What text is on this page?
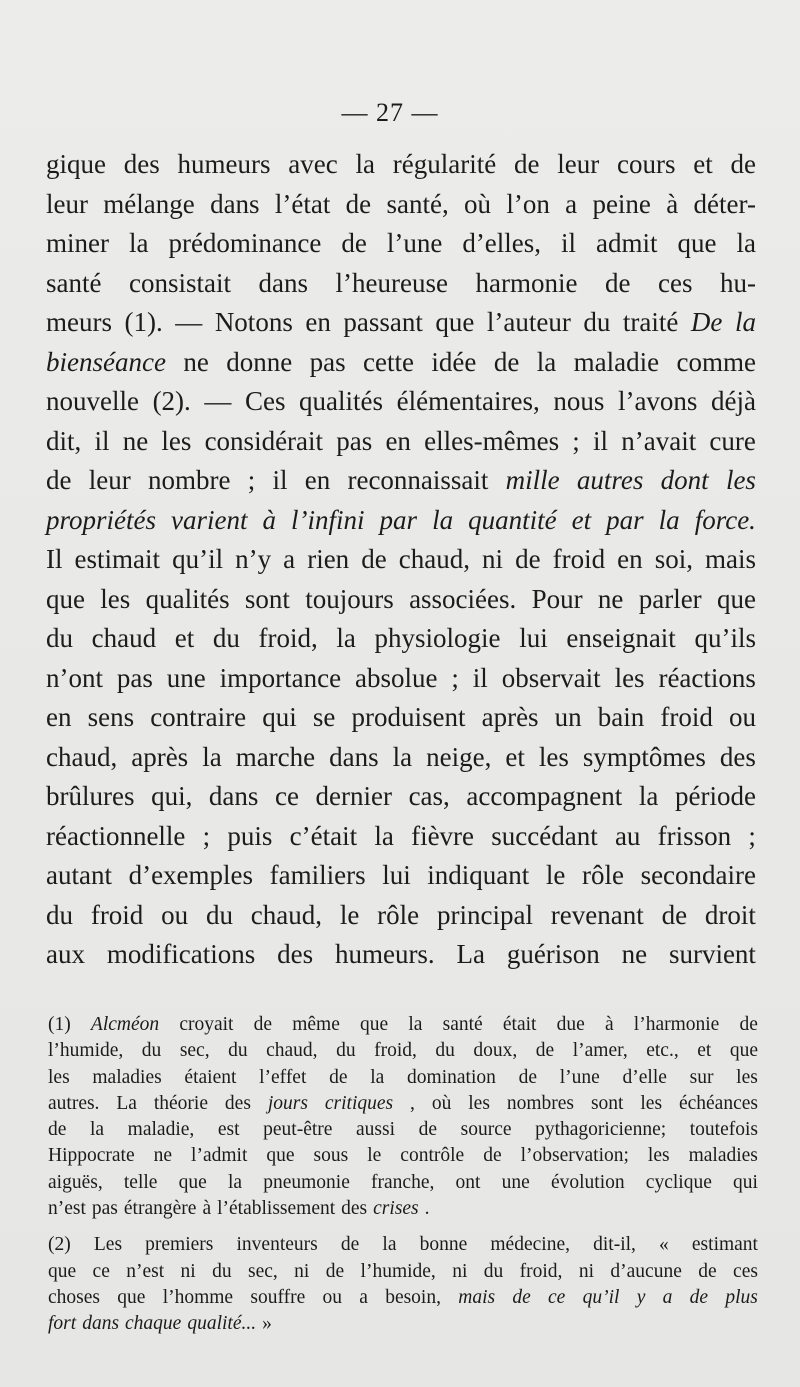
— 27 —
gique des humeurs avec la régularité de leur cours et de
leur mélange dans l’état de santé, où l’on a peine à déter-
miner la prédominance de l’une d’elles, il admit que la
santé consistait dans l’heureuse harmonie de ces hu-
meurs (1). — Notons en passant que l’auteur du traité De la
bienséance ne donne pas cette idée de la maladie comme
nouvelle (2). — Ces qualités élémentaires, nous l’avons déjà
dit, il ne les considérait pas en elles-mêmes ; il n’avait cure
de leur nombre ; il en reconnaissait mille autres dont les
propriétés varient à l’infini par la quantité et par la force.
Il estimait qu’il n’y a rien de chaud, ni de froid en soi, mais
que les qualités sont toujours associées. Pour ne parler que
du chaud et du froid, la physiologie lui enseignait qu’ils
n’ont pas une importance absolue ; il observait les réactions
en sens contraire qui se produisent après un bain froid ou
chaud, après la marche dans la neige, et les symptômes des
brûlures qui, dans ce dernier cas, accompagnent la période
réactionnelle ; puis c’était la fièvre succédant au frisson ;
autant d’exemples familiers lui indiquant le rôle secondaire
du froid ou du chaud, le rôle principal revenant de droit
aux modifications des humeurs. La guérison ne survient
(1) Alcméon croyait de même que la santé était due à l’harmonie de
l’humide, du sec, du chaud, du froid, du doux, de l’amer, etc., et que
les maladies étaient l’effet de la domination de l’une d’elle sur les
autres. La théorie des jours critiques , où les nombres sont les échéances
de la maladie, est peut-être aussi de source pythagoricienne; toutefois
Hippocrate ne l’admit que sous le contrôle de l’observation; les maladies
aiguës, telle que la pneumonie franche, ont une évolution cyclique qui
n’est pas étrangère à l’établissement des crises .
(2) Les premiers inventeurs de la bonne médecine, dit-il, « estimant
que ce n’est ni du sec, ni de l’humide, ni du froid, ni d’aucune de ces
choses que l’homme souffre ou a besoin, mais de ce qu’il y a de plus
fort dans chaque qualité... »
